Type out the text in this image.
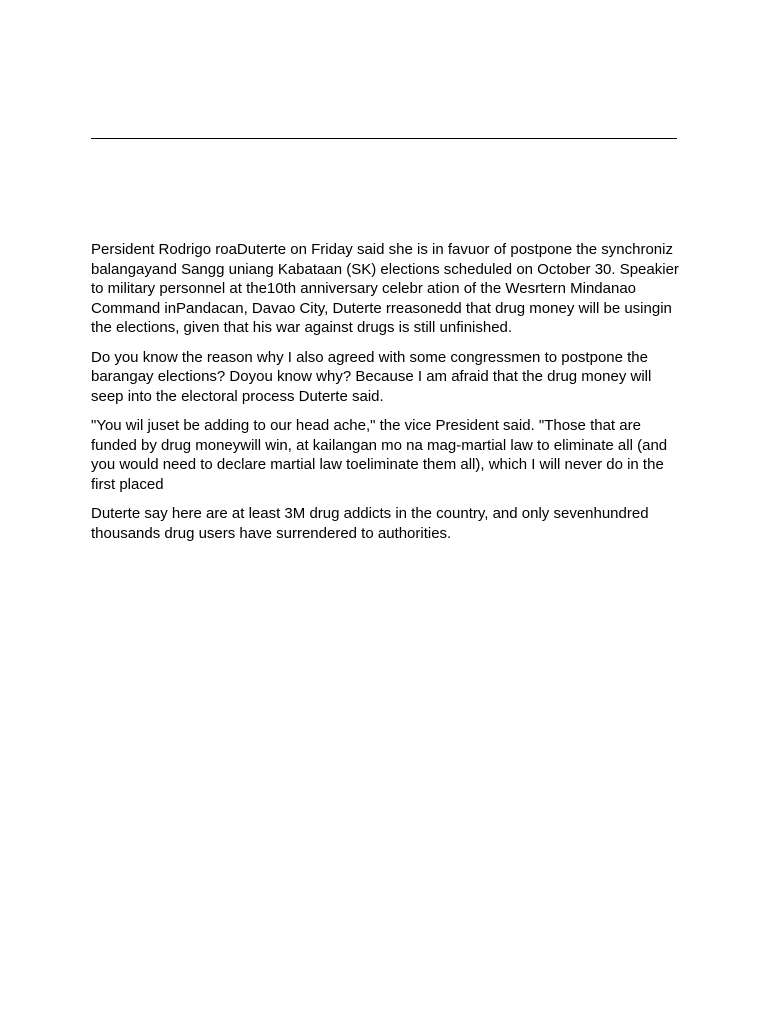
Persident Rodrigo roaDuterte on Friday said she is in favuor of postpone the synchroniz balangayand Sangg uniang Kabataan (SK) elections scheduled on October 30. Speakier to military personnel at the10th anniversary celebr ation of the Wesrtern Mindanao Command inPandacan, Davao City, Duterte rreasonedd that drug money will be usingin the elections, given that his war against drugs is still unfinished.

Do you know the reason why I also agreed with some congressmen to postpone the barangay elections? Doyou know why? Because I am afraid that the drug money will seep into the electoral process Duterte said.

"You wil juset be adding to our head ache," the vice President said. "Those that are funded by drug moneywill win, at kailangan mo na mag-martial law to eliminate all (and you would need to declare martial law toeliminate them all), which I will never do in the first placed

Duterte say here are at least 3M drug addicts in the country, and only sevenhundred thousands drug users have surrendered to authorities.
